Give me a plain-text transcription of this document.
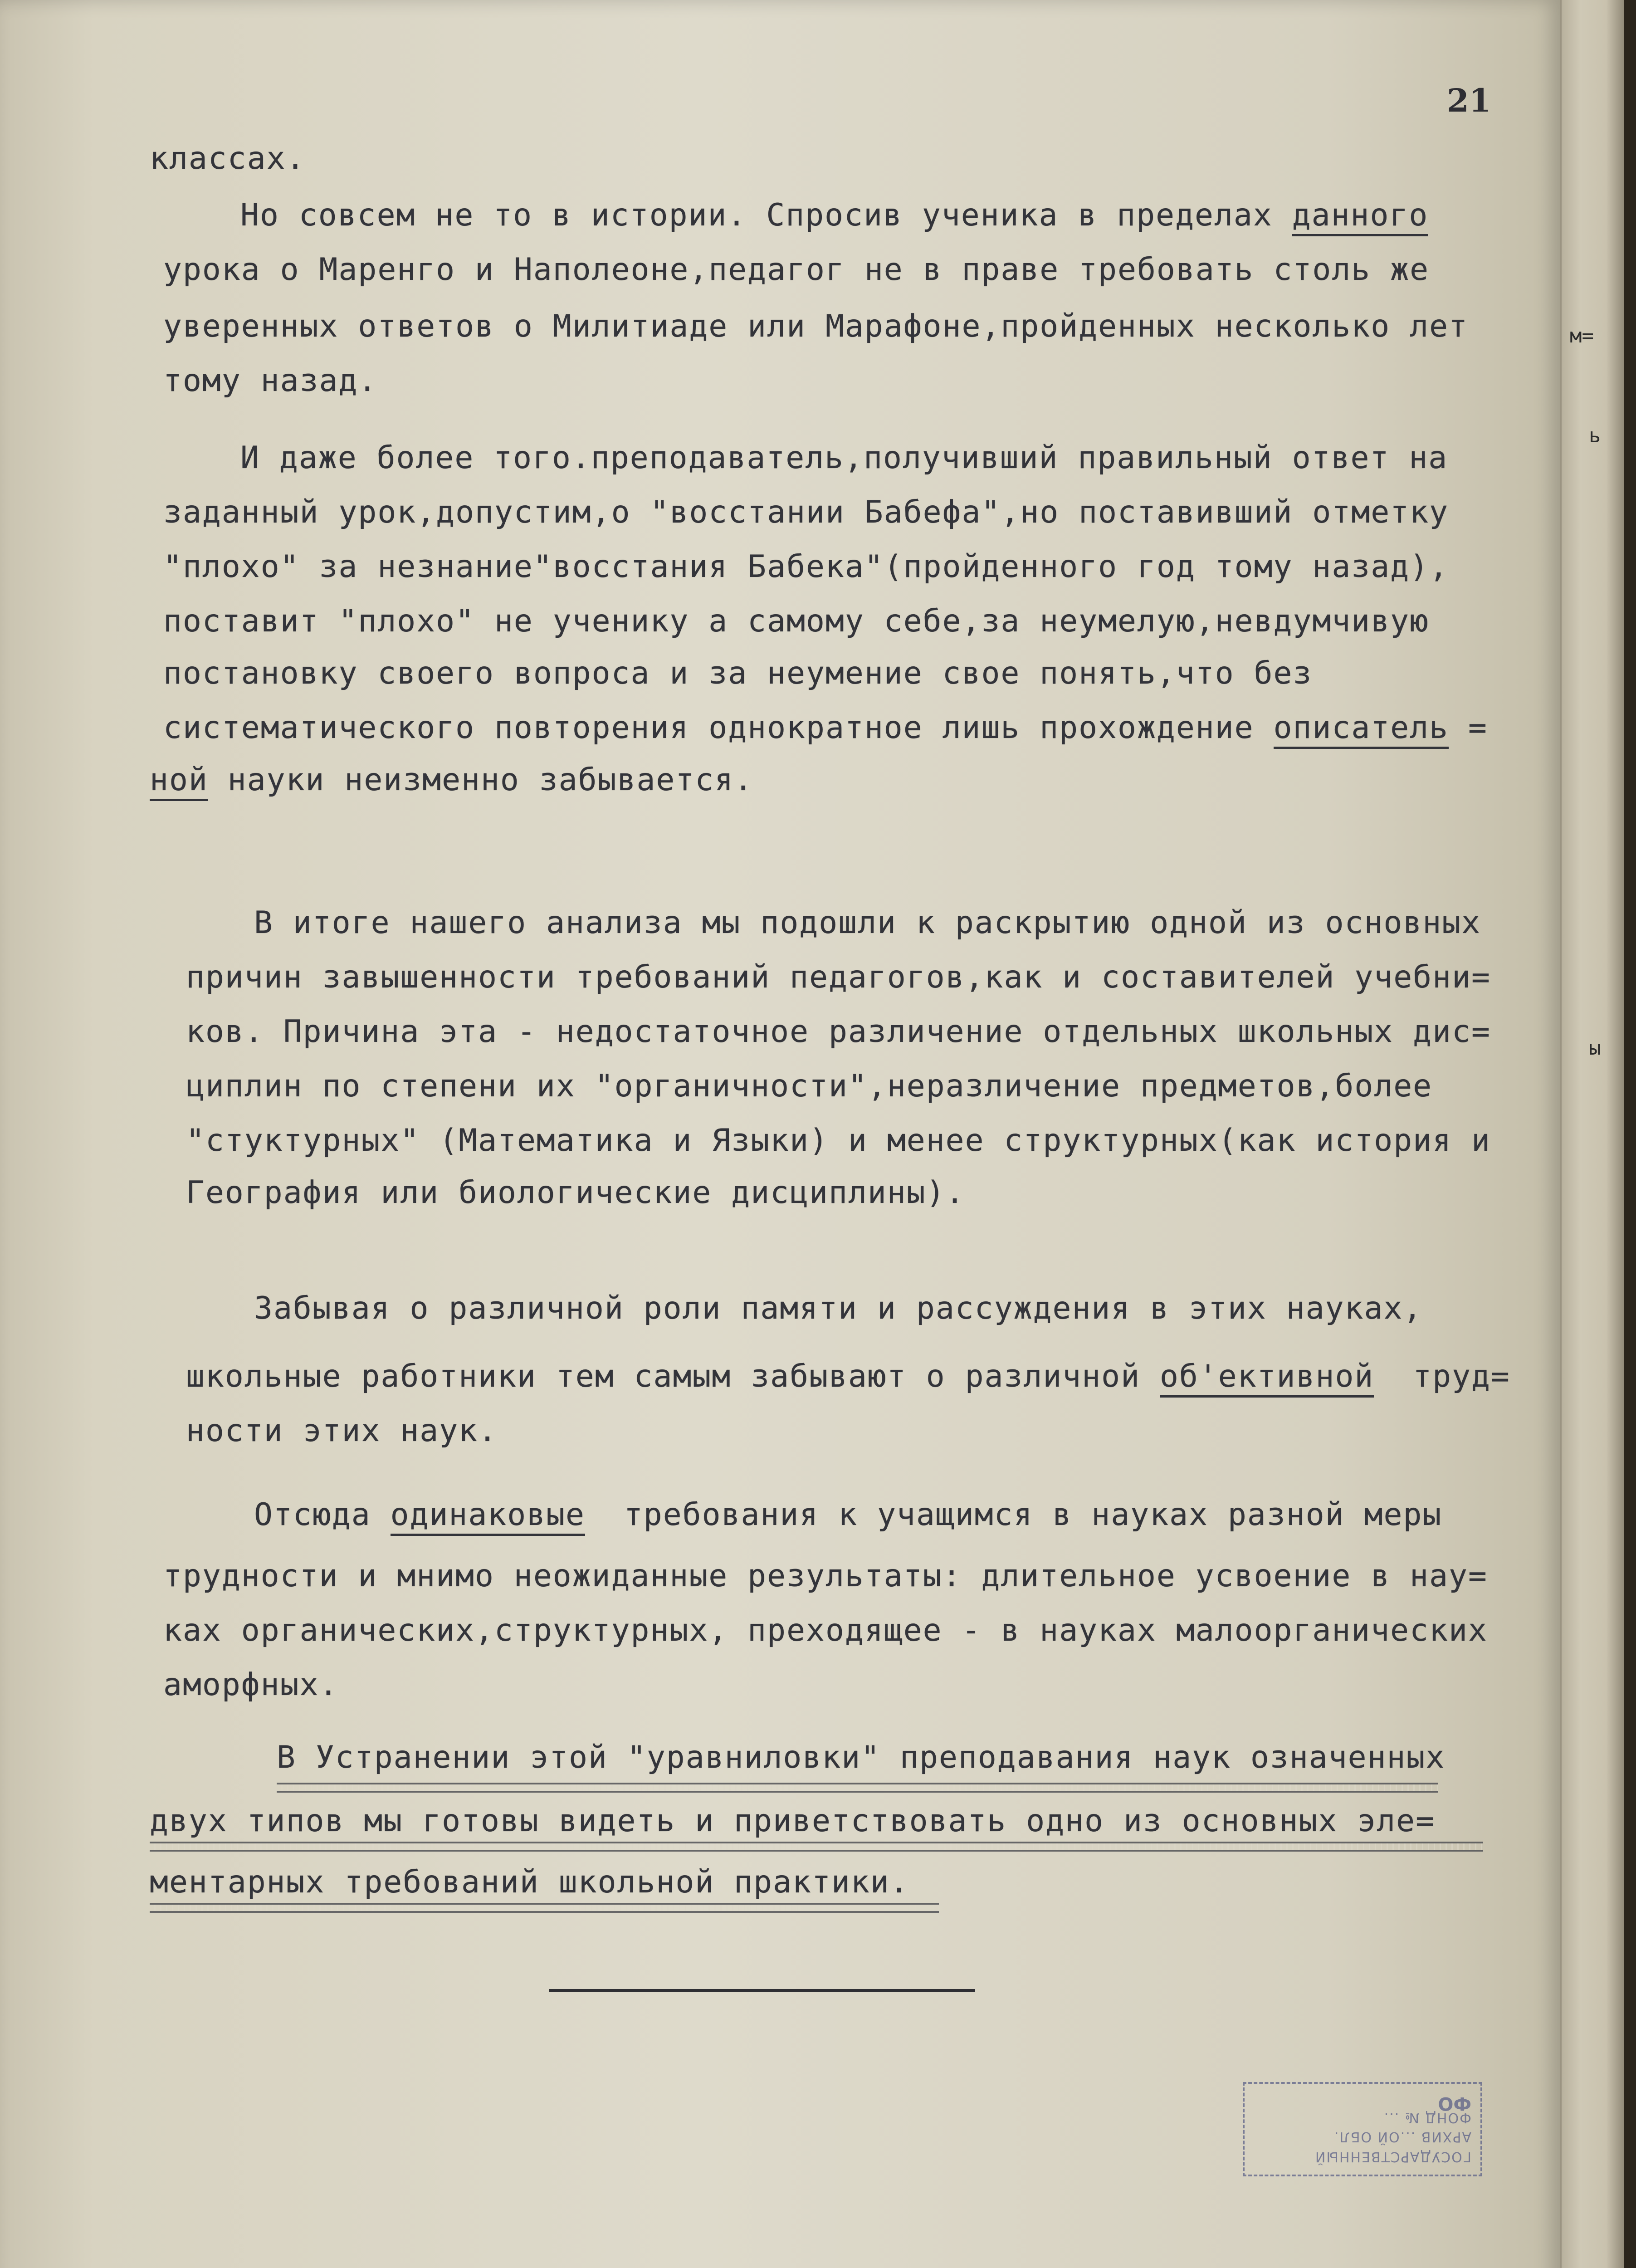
м=
ь
ы
21
классах.
Но совсем не то в истории. Спросив ученика в пределах данного
урока о Маренго и Наполеоне,педагог не в праве требовать столь же
уверенных ответов о Милитиаде или Марафоне,пройденных несколько лет
тому назад.
И даже более того.преподаватель,получивший правильный ответ на
заданный урок,допустим,о "восстании Бабефа",но поставивший отметку
"плохо" за незнание"восстания Бабека"(пройденного год тому назад),
поставит "плохо" не ученику а самому себе,за неумелую,невдумчивую
постановку своего вопроса и за неумение свое понять,что без
систематического повторения однократное лишь прохождение описатель =
ной науки неизменно забывается.
В итоге нашего анализа мы подошли к раскрытию одной из основных
причин завышенности требований педагогов,как и составителей учебни=
ков. Причина эта - недостаточное различение отдельных школьных дис=
циплин по степени их "органичности",неразличение предметов,более
"стуктурных" (Математика и Языки) и менее структурных(как история и
География или биологические дисциплины).
Забывая о различной роли памяти и рассуждения в этих науках,
школьные работники тем самым забывают о различной об'ективной  труд=
ности этих наук.
Отсюда одинаковые  требования к учащимся в науках разной меры
трудности и мнимо неожиданные результаты: длительное усвоение в нау=
ках органических,структурных, преходящее - в науках малоорганических
аморфных.
В Устранении этой "уравниловки" преподавания наук означенных
двух типов мы готовы видеть и приветствовать одно из основных эле=
ментарных требований школьной практики.
ГОСУДАРСТВЕННЫЙ
АРХИВ ...ОЙ ОБЛ.
ФОНД № ...
ФО
